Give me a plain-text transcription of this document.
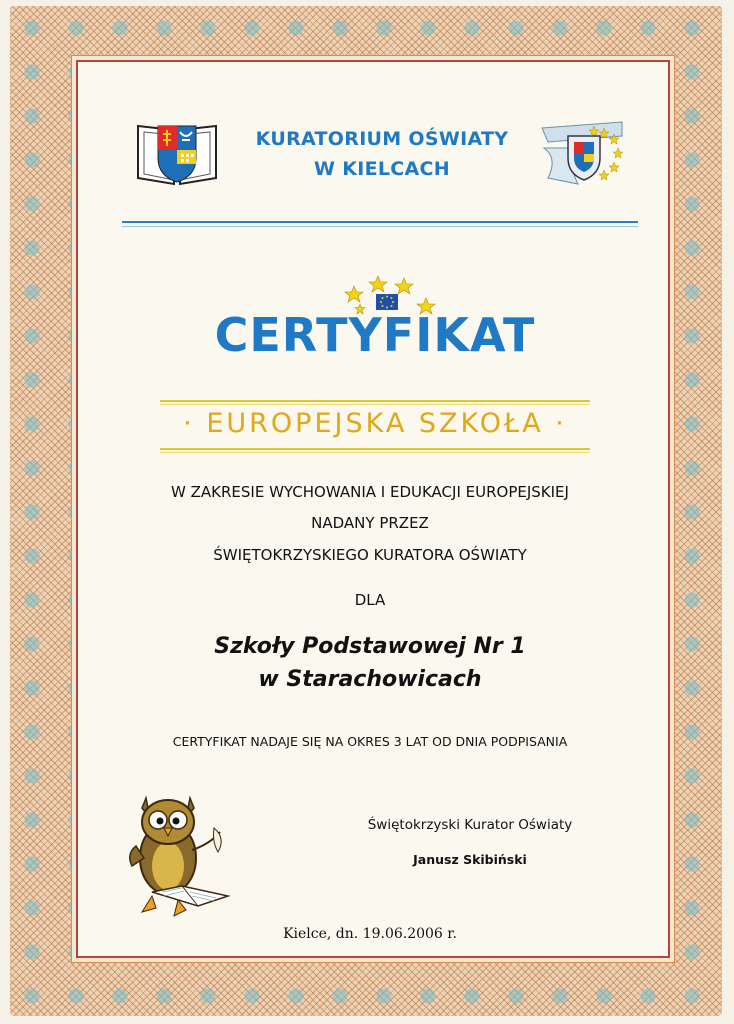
KURATORIUM OŚWIATY
W KIELCACH
CERTYFIKAT
· EUROPEJSKA SZKOŁA ·
W ZAKRESIE WYCHOWANIA I EDUKACJI EUROPEJSKIEJ
NADANY PRZEZ
ŚWIĘTOKRZYSKIEGO KURATORA OŚWIATY
DLA
Szkoły Podstawowej Nr 1
w Starachowicach
CERTYFIKAT NADAJE SIĘ NA OKRES 3 LAT OD DNIA PODPISANIA
Świętokrzyski Kurator Oświaty
Janusz Skibiński
Kielce, dn. 19.06.2006 r.
